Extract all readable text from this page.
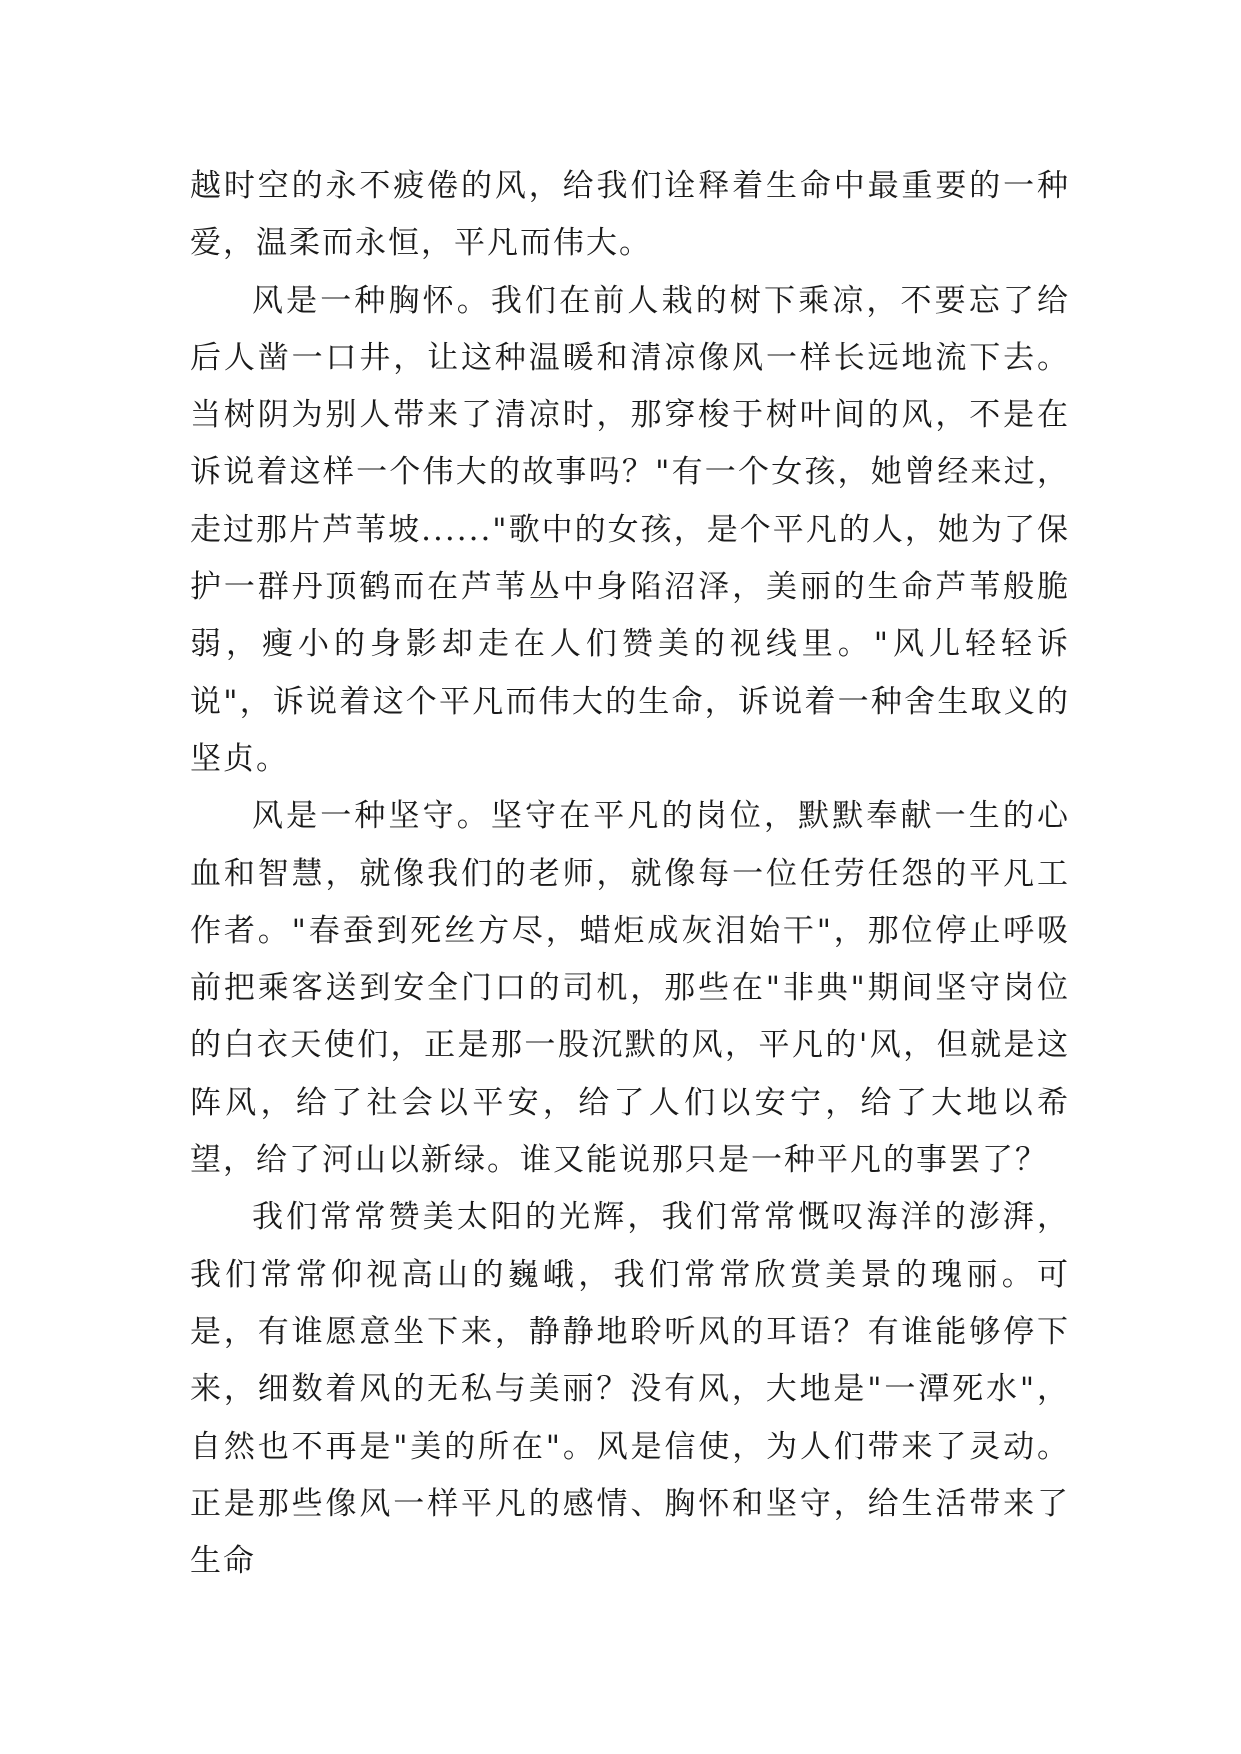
越时空的永不疲倦的风，给我们诠释着生命中最重要的一种爱，温柔而永恒，平凡而伟大。

风是一种胸怀。我们在前人栽的树下乘凉，不要忘了给后人凿一口井，让这种温暖和清凉像风一样长远地流下去。当树阴为别人带来了清凉时，那穿梭于树叶间的风，不是在诉说着这样一个伟大的故事吗？"有一个女孩，她曾经来过，走过那片芦苇坡......"歌中的女孩，是个平凡的人，她为了保护一群丹顶鹤而在芦苇丛中身陷沼泽，美丽的生命芦苇般脆弱，瘦小的身影却走在人们赞美的视线里。"风儿轻轻诉说"，诉说着这个平凡而伟大的生命，诉说着一种舍生取义的坚贞。

风是一种坚守。坚守在平凡的岗位，默默奉献一生的心血和智慧，就像我们的老师，就像每一位任劳任怨的平凡工作者。"春蚕到死丝方尽，蜡炬成灰泪始干"，那位停止呼吸前把乘客送到安全门口的司机，那些在"非典"期间坚守岗位的白衣天使们，正是那一股沉默的风，平凡的'风，但就是这阵风，给了社会以平安，给了人们以安宁，给了大地以希望，给了河山以新绿。谁又能说那只是一种平凡的事罢了？

我们常常赞美太阳的光辉，我们常常慨叹海洋的澎湃，我们常常仰视高山的巍峨，我们常常欣赏美景的瑰丽。可是，有谁愿意坐下来，静静地聆听风的耳语？有谁能够停下来，细数着风的无私与美丽？没有风，大地是"一潭死水"，自然也不再是"美的所在"。风是信使，为人们带来了灵动。正是那些像风一样平凡的感情、胸怀和坚守，给生活带来了生命
